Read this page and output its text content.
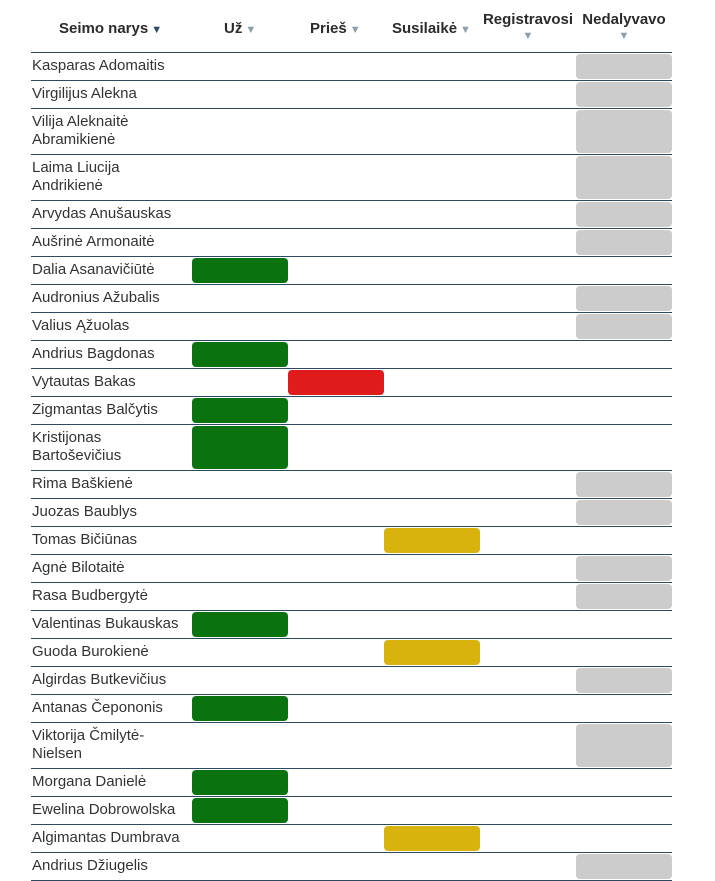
Seimo narys ▼	Už ▼	Prieš ▼ Susilaikė ▼
Registravosi
▼
Nedalyvavo
▼
Kasparas Adomaitis
Virgilijus Alekna
Vilija Aleknaitė Abramikienė
Laima Liucija Andrikienė
Arvydas Anušauskas
Aušrinė Armonaitė
Dalia Asanavičiūtė
Audronius Ažubalis
Valius Ąžuolas
Andrius Bagdonas
Vytautas Bakas
Zigmantas Balčytis
Kristijonas Bartoševičius
Rima Baškienė
Juozas Baublys
Tomas Bičiūnas
Agnė Bilotaitė
Rasa Budbergytė
Valentinas Bukauskas
Guoda Burokienė
Algirdas Butkevičius
Antanas Čepononis
Viktorija Čmilytė-Nielsen
Morgana Danielė
Ewelina Dobrowolska
Algimantas Dumbrava
Andrius Džiugelis
